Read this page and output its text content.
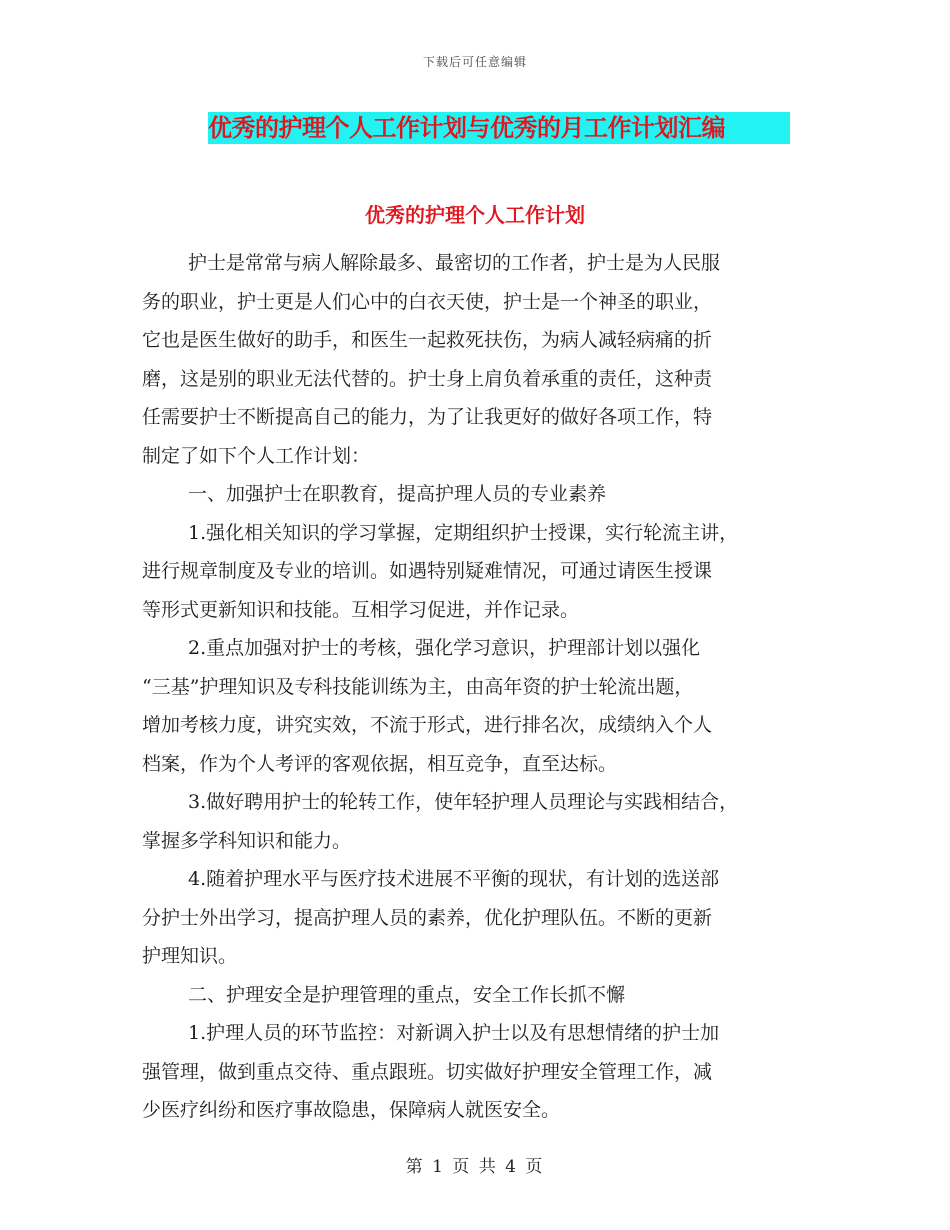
下载后可任意编辑
优秀的护理个人工作计划与优秀的月工作计划汇编
优秀的护理个人工作计划
护士是常常与病人解除最多、最密切的工作者，护士是为人民服
务的职业，护士更是人们心中的白衣天使，护士是一个神圣的职业，
它也是医生做好的助手，和医生一起救死扶伤，为病人减轻病痛的折
磨，这是别的职业无法代替的。护士身上肩负着承重的责任，这种责
任需要护士不断提高自己的能力，为了让我更好的做好各项工作，特
制定了如下个人工作计划：
一、加强护士在职教育，提高护理人员的专业素养
1.强化相关知识的学习掌握，定期组织护士授课，实行轮流主讲，
进行规章制度及专业的培训。如遇特别疑难情况，可通过请医生授课
等形式更新知识和技能。互相学习促进，并作记录。
2.重点加强对护士的考核，强化学习意识，护理部计划以强化
“三基”护理知识及专科技能训练为主，由高年资的护士轮流出题，
增加考核力度，讲究实效，不流于形式，进行排名次，成绩纳入个人
档案，作为个人考评的客观依据，相互竞争，直至达标。
3.做好聘用护士的轮转工作，使年轻护理人员理论与实践相结合，
掌握多学科知识和能力。
4.随着护理水平与医疗技术进展不平衡的现状，有计划的选送部
分护士外出学习，提高护理人员的素养，优化护理队伍。不断的更新
护理知识。
二、护理安全是护理管理的重点，安全工作长抓不懈
1.护理人员的环节监控：对新调入护士以及有思想情绪的护士加
强管理，做到重点交待、重点跟班。切实做好护理安全管理工作，减
少医疗纠纷和医疗事故隐患，保障病人就医安全。
第 1 页 共 4 页
